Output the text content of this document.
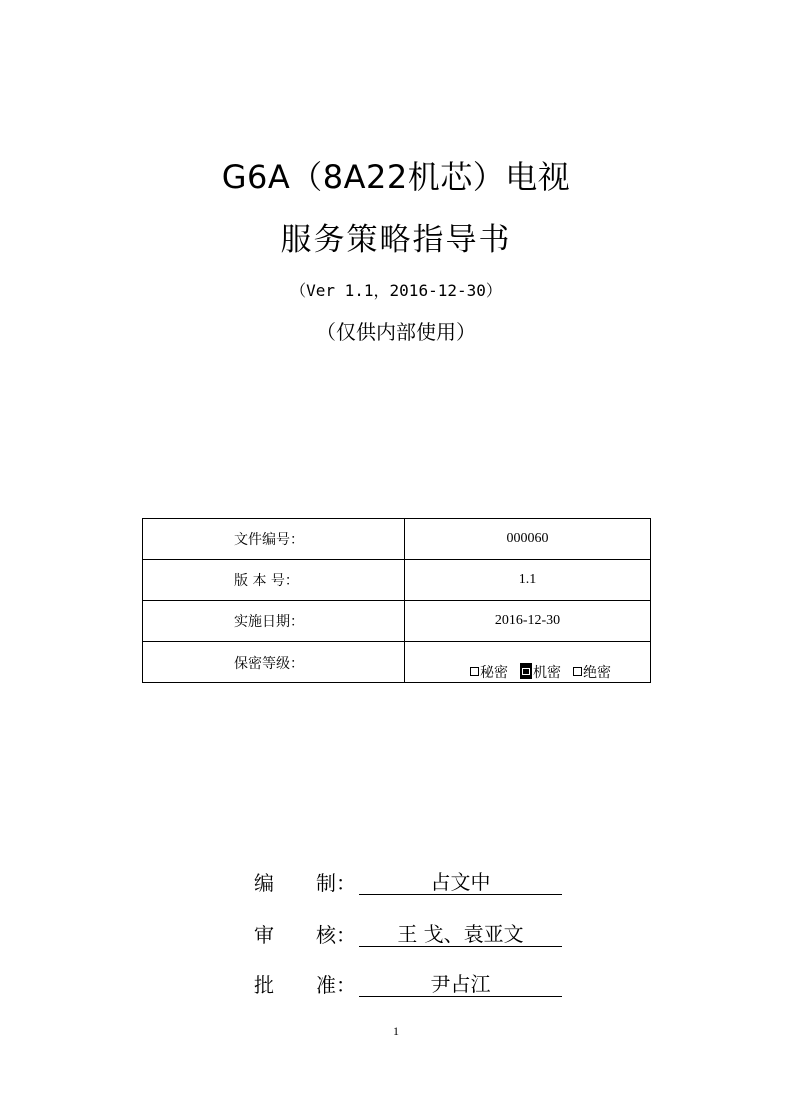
G6A（8A22机芯）电视
服务策略指导书
（Ver 1.1，2016-12-30）
（仅供内部使用）
文件编号：	000060
版 本 号：	1.1
实施日期：	2016-12-30
保密等级：	秘密 机密 绝密
编 制：	占文中
审 核：	王 戈、袁亚文
批 准：	尹占江
1
